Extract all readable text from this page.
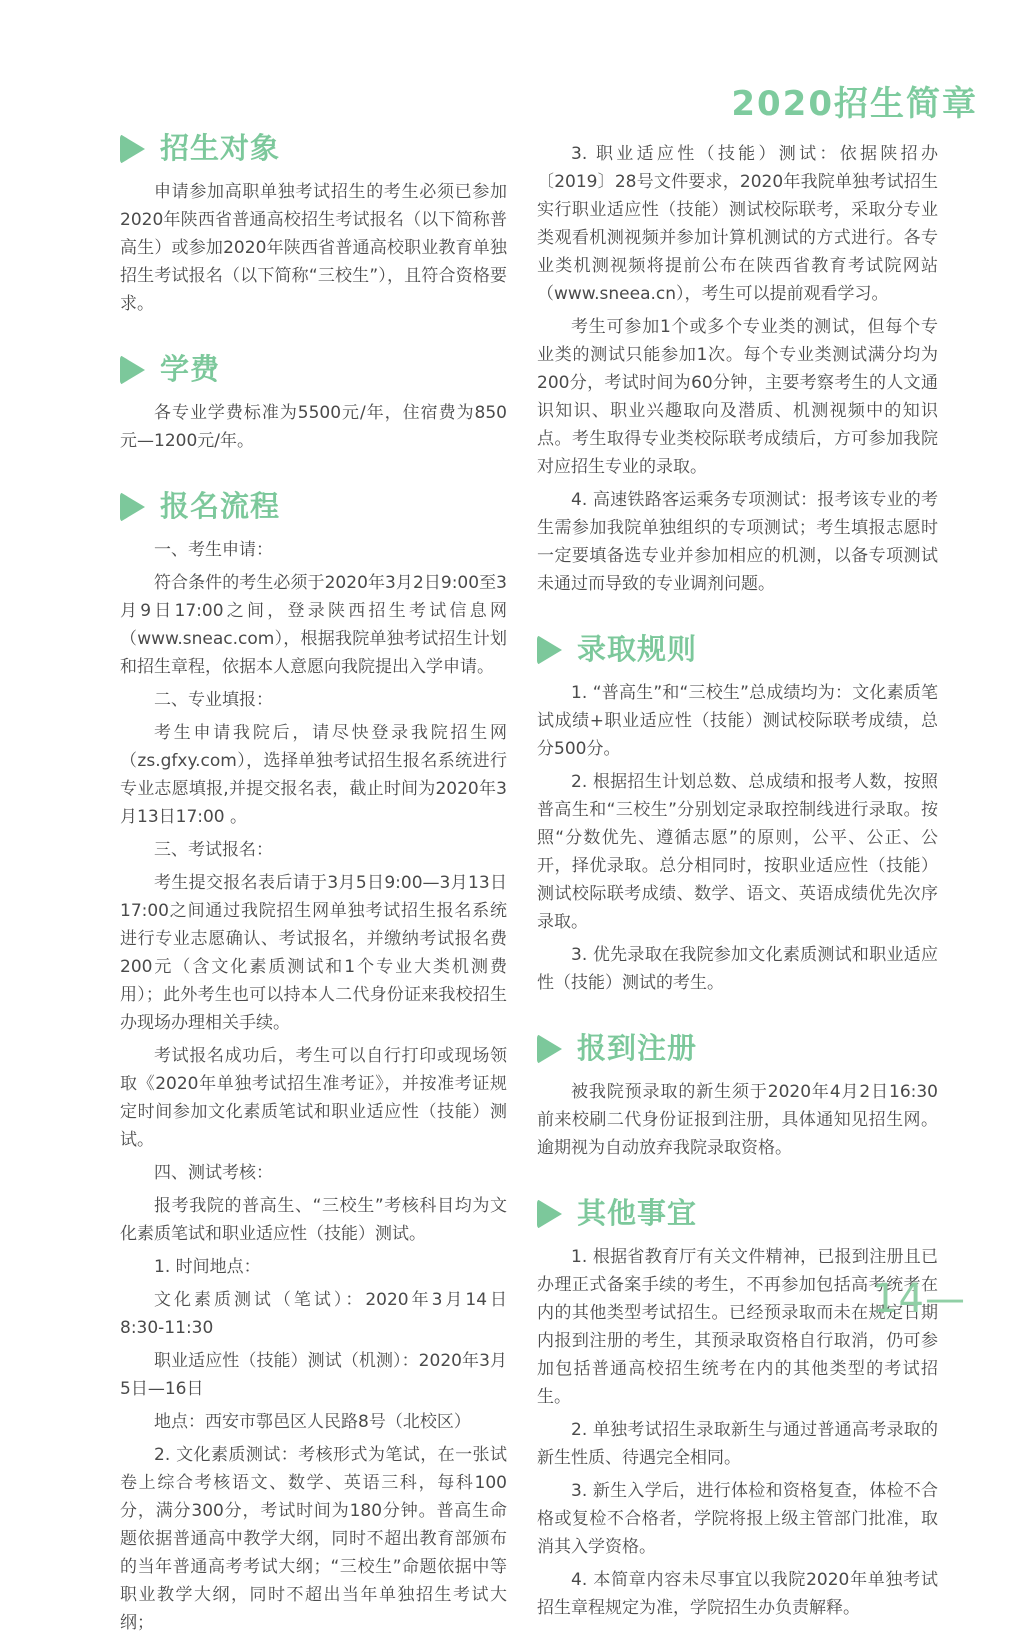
2020招生简章
招生对象

申请参加高职单独考试招生的考生必须已参加2020年陕西省普通高校招生考试报名（以下简称普高生）或参加2020年陕西省普通高校职业教育单独招生考试报名（以下简称“三校生”），且符合资格要求。

学费

各专业学费标准为5500元/年，住宿费为850元—1200元/年。

报名流程

一、考生申请：

符合条件的考生必须于2020年3月2日9:00至3月9日17:00之间，登录陕西招生考试信息网（www.sneac.com），根据我院单独考试招生计划和招生章程，依据本人意愿向我院提出入学申请。

二、专业填报：

考生申请我院后，请尽快登录我院招生网（zs.gfxy.com），选择单独考试招生报名系统进行专业志愿填报,并提交报名表，截止时间为2020年3月13日17:00 。

三、考试报名：

考生提交报名表后请于3月5日9:00—3月13日17:00之间通过我院招生网单独考试招生报名系统进行专业志愿确认、考试报名，并缴纳考试报名费200元（含文化素质测试和1个专业大类机测费用）；此外考生也可以持本人二代身份证来我校招生办现场办理相关手续。

考试报名成功后，考生可以自行打印或现场领取《2020年单独考试招生准考证》，并按准考证规定时间参加文化素质笔试和职业适应性（技能）测试。

四、测试考核：

报考我院的普高生、“三校生”考核科目均为文化素质笔试和职业适应性（技能）测试。

1. 时间地点：

文化素质测试（笔试）：2020年3月14日 8:30-11:30

职业适应性（技能）测试（机测）：2020年3月5日—16日

地点：西安市鄠邑区人民路8号（北校区）

2. 文化素质测试：考核形式为笔试，在一张试卷上综合考核语文、数学、英语三科，每科100分，满分300分，考试时间为180分钟。普高生命题依据普通高中教学大纲，同时不超出教育部颁布的当年普通高考考试大纲；“三校生”命题依据中等职业教学大纲，同时不超出当年单独招生考试大纲；

3. 职业适应性（技能）测试：依据陕招办〔2019〕28号文件要求，2020年我院单独考试招生实行职业适应性（技能）测试校际联考，采取分专业类观看机测视频并参加计算机测试的方式进行。各专业类机测视频将提前公布在陕西省教育考试院网站（www.sneea.cn），考生可以提前观看学习。

考生可参加1个或多个专业类的测试，但每个专业类的测试只能参加1次。每个专业类测试满分均为200分，考试时间为60分钟，主要考察考生的人文通识知识、职业兴趣取向及潜质、机测视频中的知识点。考生取得专业类校际联考成绩后，方可参加我院对应招生专业的录取。

4. 高速铁路客运乘务专项测试：报考该专业的考生需参加我院单独组织的专项测试；考生填报志愿时一定要填备选专业并参加相应的机测，以备专项测试未通过而导致的专业调剂问题。

录取规则

1. “普高生”和“三校生”总成绩均为：文化素质笔试成绩+职业适应性（技能）测试校际联考成绩，总分500分。

2. 根据招生计划总数、总成绩和报考人数，按照普高生和“三校生”分别划定录取控制线进行录取。按照“分数优先、遵循志愿”的原则，公平、公正、公开，择优录取。总分相同时，按职业适应性（技能）测试校际联考成绩、数学、语文、英语成绩优先次序录取。

3. 优先录取在我院参加文化素质测试和职业适应性（技能）测试的考生。

报到注册

被我院预录取的新生须于2020年4月2日16:30前来校刷二代身份证报到注册，具体通知见招生网。逾期视为自动放弃我院录取资格。

其他事宜

1. 根据省教育厅有关文件精神，已报到注册且已办理正式备案手续的考生，不再参加包括高考统考在内的其他类型考试招生。已经预录取而未在规定日期内报到注册的考生，其预录取资格自行取消，仍可参加包括普通高校招生统考在内的其他类型的考试招生。

2. 单独考试招生录取新生与通过普通高考录取的新生性质、待遇完全相同。

3. 新生入学后，进行体检和资格复查，体检不合格或复检不合格者，学院将报上级主管部门批准，取消其入学资格。

4. 本简章内容未尽事宜以我院2020年单独考试招生章程规定为准，学院招生办负责解释。

14—
